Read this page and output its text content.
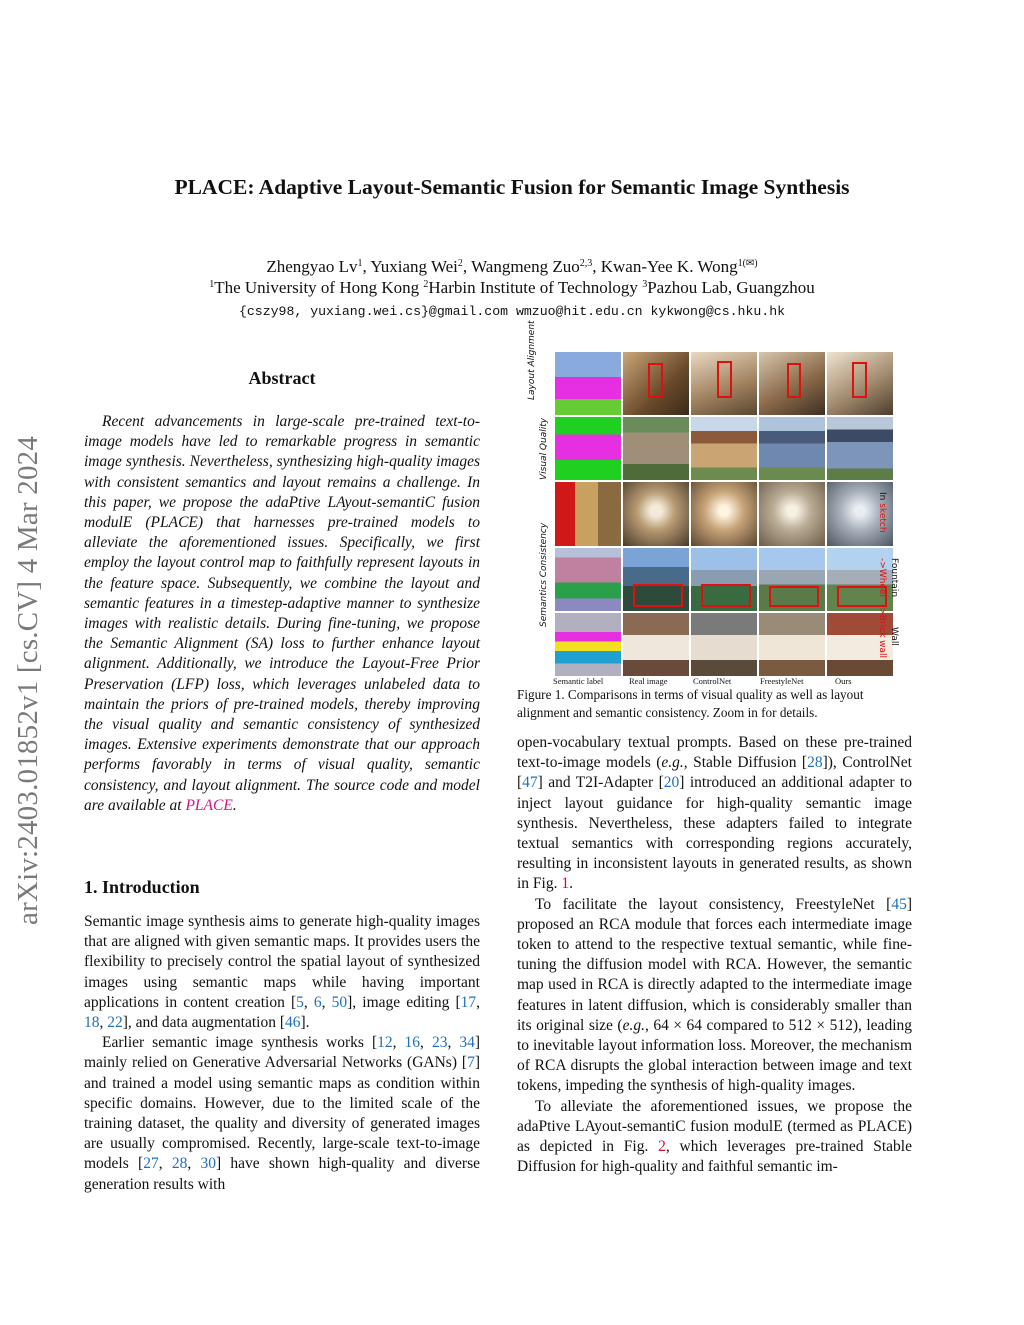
arXiv:2403.01852v1 [cs.CV] 4 Mar 2024
PLACE: Adaptive Layout-Semantic Fusion for Semantic Image Synthesis
Zhengyao Lv$^1$, Yuxiang Wei$^2$, Wangmeng Zuo$^{2,3}$, Kwan-Yee K. Wong$^{1(✉)}$
$^1$The University of Hong Kong $^2$Harbin Institute of Technology $^3$Pazhou Lab, Guangzhou
{cszy98, yuxiang.wei.cs}@gmail.com wmzuo@hit.edu.cn kykwong@cs.hku.hk
Abstract

Recent advancements in large-scale pre-trained text-to-image models have led to remarkable progress in semantic image synthesis. Nevertheless, synthesizing high-quality images with consistent semantics and layout remains a challenge. In this paper, we propose the adaPtive LAyout-semantiC fusion modulE (PLACE) that harnesses pre-trained models to alleviate the aforementioned issues. Specifically, we first employ the layout control map to faithfully represent layouts in the feature space. Subsequently, we combine the layout and semantic features in a timestep-adaptive manner to synthesize images with realistic details. During fine-tuning, we propose the Semantic Alignment (SA) loss to further enhance layout alignment. Additionally, we introduce the Layout-Free Prior Preservation (LFP) loss, which leverages unlabeled data to maintain the priors of pre-trained models, thereby improving the visual quality and semantic consistency of synthesized images. Extensive experiments demonstrate that our approach performs favorably in terms of visual quality, semantic consistency, and layout alignment. The source code and model are available at PLACE.

1. Introduction

Semantic image synthesis aims to generate high-quality images that are aligned with given semantic maps. It provides users the flexibility to precisely control the spatial layout of synthesized images using semantic maps while having important applications in content creation [5, 6, 50], image editing [17, 18, 22], and data augmentation [46].

Earlier semantic image synthesis works [12, 16, 23, 34] mainly relied on Generative Adversarial Networks (GANs) [7] and trained a model using semantic maps as condition within specific domains. However, due to the limited scale of the training dataset, the quality and diversity of generated images are usually compromised. Recently, large-scale text-to-image models [27, 28, 30] have shown high-quality and diverse generation results with

Layout Alignment
Visual Quality
Semantics Consistency
Semantic label	Real image	ControlNet	FreestyleNet	Ours
In sketch
Fountain
->Wheel
Wall
->Brick wall
Figure 1. Comparisons in terms of visual quality as well as layout alignment and semantic consistency. Zoom in for details.

open-vocabulary textual prompts. Based on these pre-trained text-to-image models (e.g., Stable Diffusion [28]), ControlNet [47] and T2I-Adapter [20] introduced an additional adapter to inject layout guidance for high-quality semantic image synthesis. Nevertheless, these adapters failed to integrate textual semantics with corresponding regions accurately, resulting in inconsistent layouts in generated results, as shown in Fig. 1.

To facilitate the layout consistency, FreestyleNet [45] proposed an RCA module that forces each intermediate image token to attend to the respective textual semantic, while fine-tuning the diffusion model with RCA. However, the semantic map used in RCA is directly adapted to the intermediate image features in latent diffusion, which is considerably smaller than its original size (e.g., 64 × 64 compared to 512 × 512), leading to inevitable layout information loss. Moreover, the mechanism of RCA disrupts the global interaction between image and text tokens, impeding the synthesis of high-quality images.

To alleviate the aforementioned issues, we propose the adaPtive LAyout-semantiC fusion modulE (termed as PLACE) as depicted in Fig. 2, which leverages pre-trained Stable Diffusion for high-quality and faithful semantic im-
